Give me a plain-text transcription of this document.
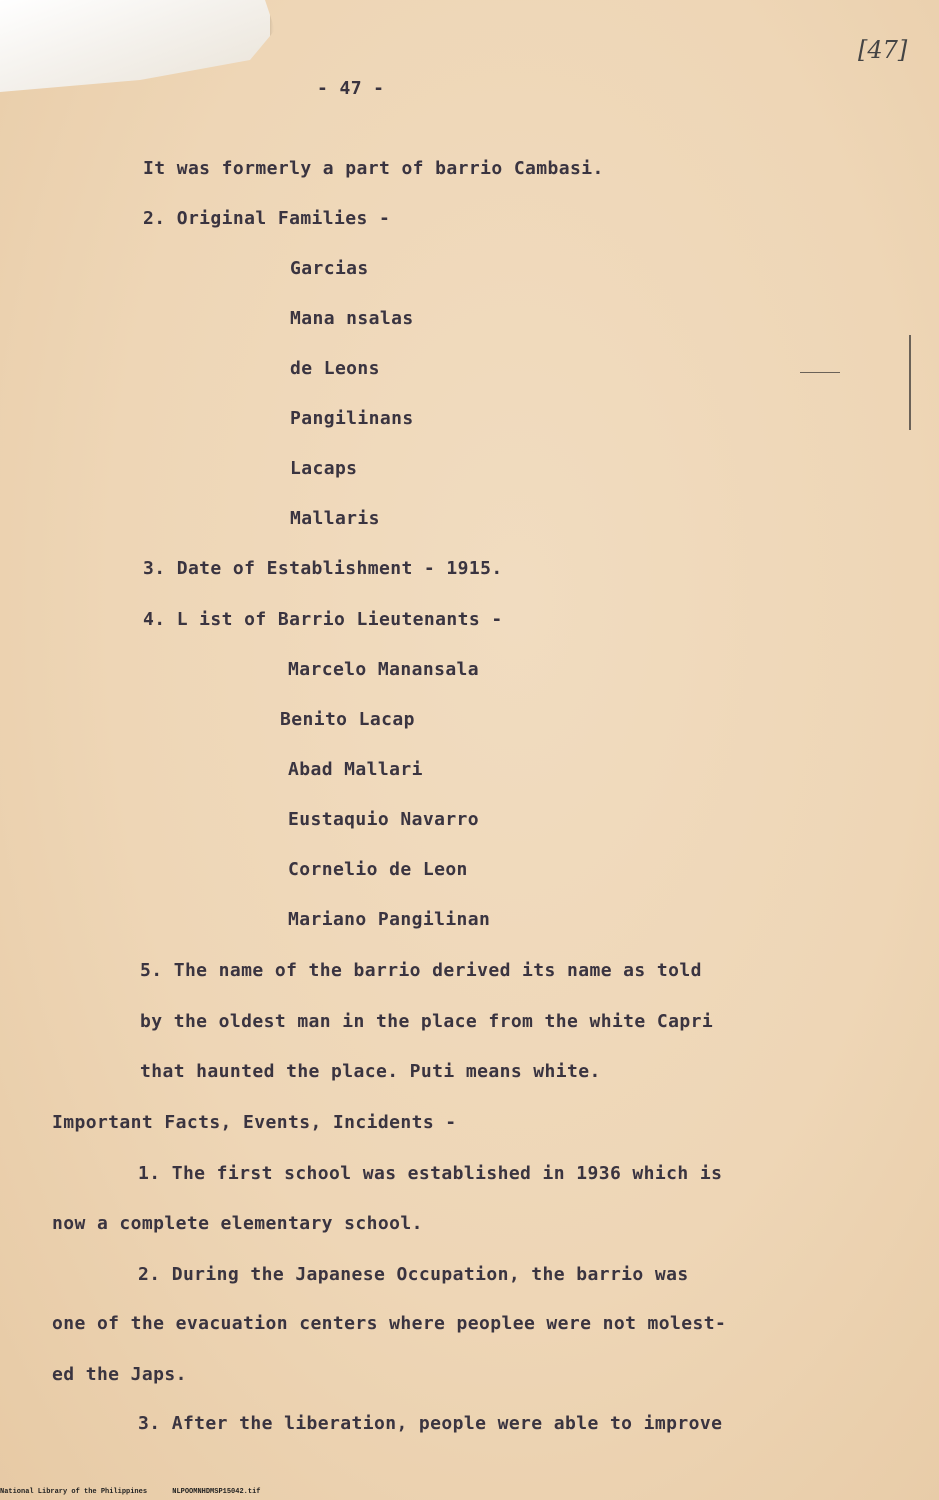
[47]
- 47 -
It was formerly a part of barrio Cambasi.
2. Original Families -
Garcias
Mana nsalas
de Leons
Pangilinans
Lacaps
Mallaris
3. Date of Establishment - 1915.
4. L ist of Barrio Lieutenants -
Marcelo Manansala
Benito Lacap
Abad Mallari
Eustaquio Navarro
Cornelio de Leon
Mariano Pangilinan
5. The name of the barrio derived its name as told
by the oldest man in the place from the white Capri
that haunted the place. Puti means white.
Important Facts, Events, Incidents -
1. The first school was established in 1936 which is
now a complete elementary school.
2. During the Japanese Occupation, the barrio was
one of the evacuation centers where peoplee were not molest-
ed the Japs.
3. After the liberation, people were able to improve
National Library of the Philippines	NLPOOMNHDMSP15042.tif
